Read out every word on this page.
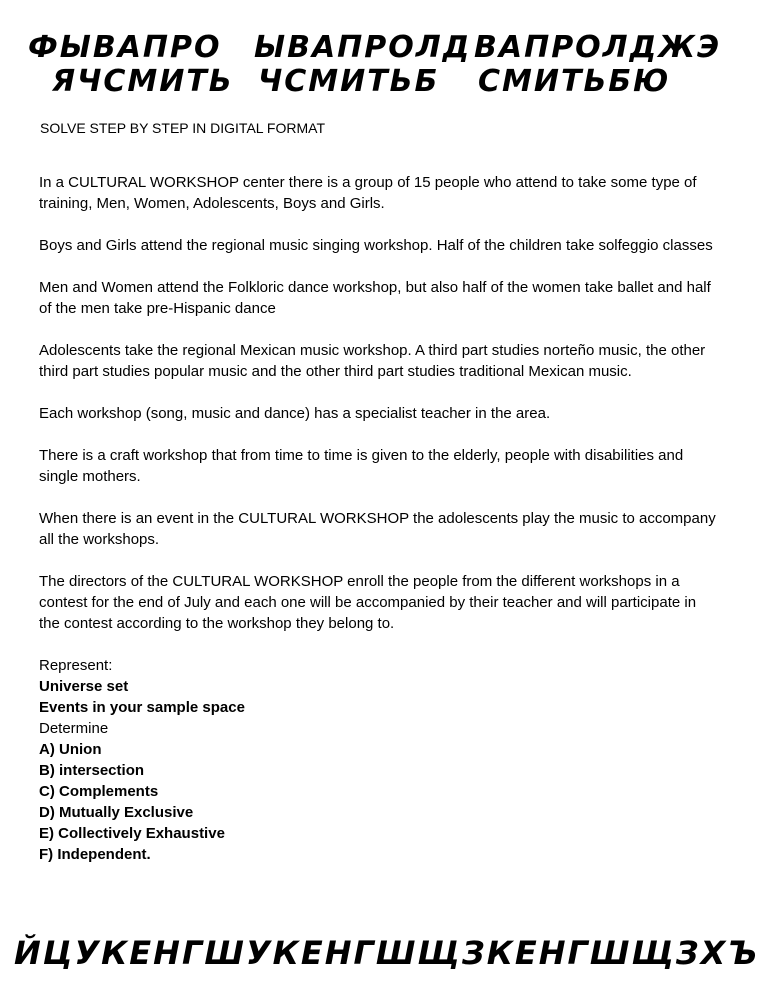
ФЫВАПРО ЫВАПРОЛД ВАПРОЛДЖЭ
ЯЧСМИТЬ ЧСМИТЬБ СМИТЬБЮ
SOLVE STEP BY STEP IN DIGITAL FORMAT

In a CULTURAL WORKSHOP center there is a group of 15 people who attend to take some type of training, Men, Women, Adolescents, Boys and Girls.

Boys and Girls attend the regional music singing workshop. Half of the children take solfeggio classes

Men and Women attend the Folkloric dance workshop, but also half of the women take ballet and half of the men take pre-Hispanic dance

Adolescents take the regional Mexican music workshop. A third part studies norteño music, the other third part studies popular music and the other third part studies traditional Mexican music.

Each workshop (song, music and dance) has a specialist teacher in the area.

There is a craft workshop that from time to time is given to the elderly, people with disabilities and single mothers.

When there is an event in the CULTURAL WORKSHOP the adolescents play the music to accompany all the workshops.

The directors of the CULTURAL WORKSHOP enroll the people from the different workshops in a contest for the end of July and each one will be accompanied by their teacher and will participate in the contest according to the workshop they belong to.

Represent:

Universe set
Events in your sample space

Determine

A) Union
B) intersection
C) Complements
D) Mutually Exclusive
E) Collectively Exhaustive
F) Independent.
ЙЦУКЕНГШ УКЕНГШЩ ЗКЕНГШЩЗХЪ
